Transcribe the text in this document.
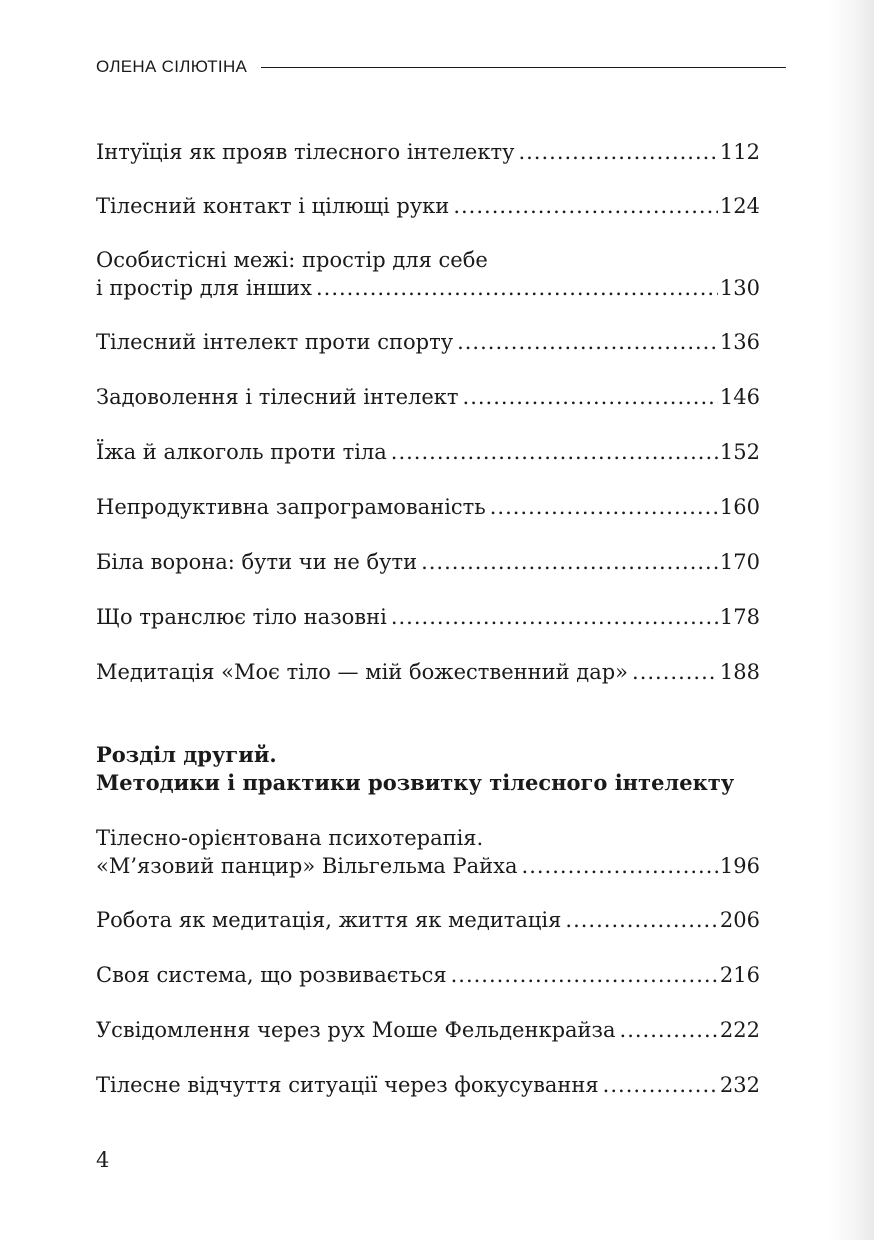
ОЛЕНА СІЛЮТІНА
Інтуїція як прояв тілесного інтелекту .....	112
Тілесний контакт і цілющі руки .....	124
Особистісні межі: простір для себе
і простір для інших .....	130
Тілесний інтелект проти спорту .....	136
Задоволення і тілесний інтелект .....	146
Їжа й алкоголь проти тіла .....	152
Непродуктивна запрограмованість .....	160
Біла ворона: бути чи не бути .....	170
Що транслює тіло назовні .....	178
Медитація «Моє тіло — мій божественний дар» .....	188
Розділ другий.
Методики і практики розвитку тілесного інтелекту
Тілесно-орієнтована психотерапія.
«М’язовий панцир» Вільгельма Райха .....	196
Робота як медитація, життя як медитація .....	206
Своя система, що розвивається .....	216
Усвідомлення через рух Моше Фельденкрайза .....	222
Тілесне відчуття ситуації через фокусування .....	232
4
